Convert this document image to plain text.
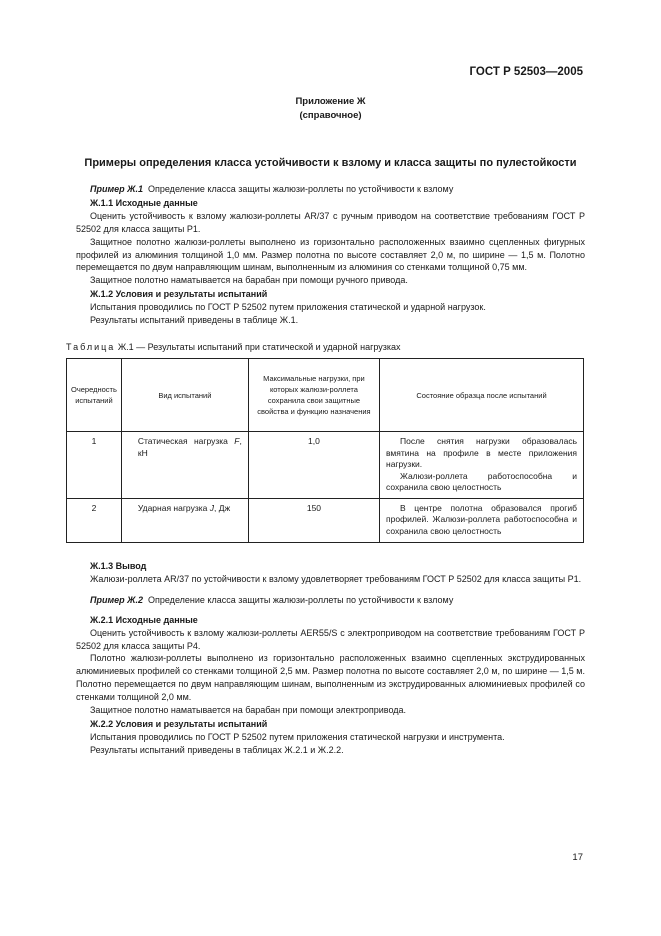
ГОСТ Р 52503—2005
Приложение Ж
(справочное)
Примеры определения класса устойчивости к взлому и класса защиты по пулестойкости
Пример Ж.1 Определение класса защиты жалюзи-роллеты по устойчивости к взлому
Ж.1.1 Исходные данные
Оценить устойчивость к взлому жалюзи-роллеты AR/37 с ручным приводом на соответствие требованиям ГОСТ Р 52502 для класса защиты Р1.
Защитное полотно жалюзи-роллеты выполнено из горизонтально расположенных взаимно сцепленных фигурных профилей из алюминия толщиной 1,0 мм. Размер полотна по высоте составляет 2,0 м, по ширине — 1,5 м. Полотно перемещается по двум направляющим шинам, выполненным из алюминия со стенками толщиной 0,75 мм.
Защитное полотно наматывается на барабан при помощи ручного привода.
Ж.1.2 Условия и результаты испытаний
Испытания проводились по ГОСТ Р 52502 путем приложения статической и ударной нагрузок.
Результаты испытаний приведены в таблице Ж.1.
Таблица Ж.1 — Результаты испытаний при статической и ударной нагрузках
Очередность испытаний	Вид испытаний	Максимальные нагрузки, при которых жалюзи-роллета сохранила свои защитные свойства и функцию назначения	Состояние образца после испытаний
1	Статическая нагрузка F, кН	1,0	После снятия нагрузки образовалась вмятина на профиле в месте приложения нагрузки.
Жалюзи-роллета работоспособна и сохранила свою целостность

2	Ударная нагрузка J, Дж	150	В центре полотна образовался прогиб профилей. Жалюзи-роллета работоспособна и сохранила свою целостность
Ж.1.3 Вывод
Жалюзи-роллета AR/37 по устойчивости к взлому удовлетворяет требованиям ГОСТ Р 52502 для класса защиты Р1.
Пример Ж.2 Определение класса защиты жалюзи-роллеты по устойчивости к взлому
Ж.2.1 Исходные данные
Оценить устойчивость к взлому жалюзи-роллеты AER55/S с электроприводом на соответствие требованиям ГОСТ Р 52502 для класса защиты Р4.
Полотно жалюзи-роллеты выполнено из горизонтально расположенных взаимно сцепленных экструдированных алюминиевых профилей со стенками толщиной 2,5 мм. Размер полотна по высоте составляет 2,0 м, по ширине — 1,5 м. Полотно перемещается по двум направляющим шинам, выполненным из экструдированных алюминиевых профилей со стенками толщиной 2,0 мм.
Защитное полотно наматывается на барабан при помощи электропривода.
Ж.2.2 Условия и результаты испытаний
Испытания проводились по ГОСТ Р 52502 путем приложения статической нагрузки и инструмента.
Результаты испытаний приведены в таблицах Ж.2.1 и Ж.2.2.
17
